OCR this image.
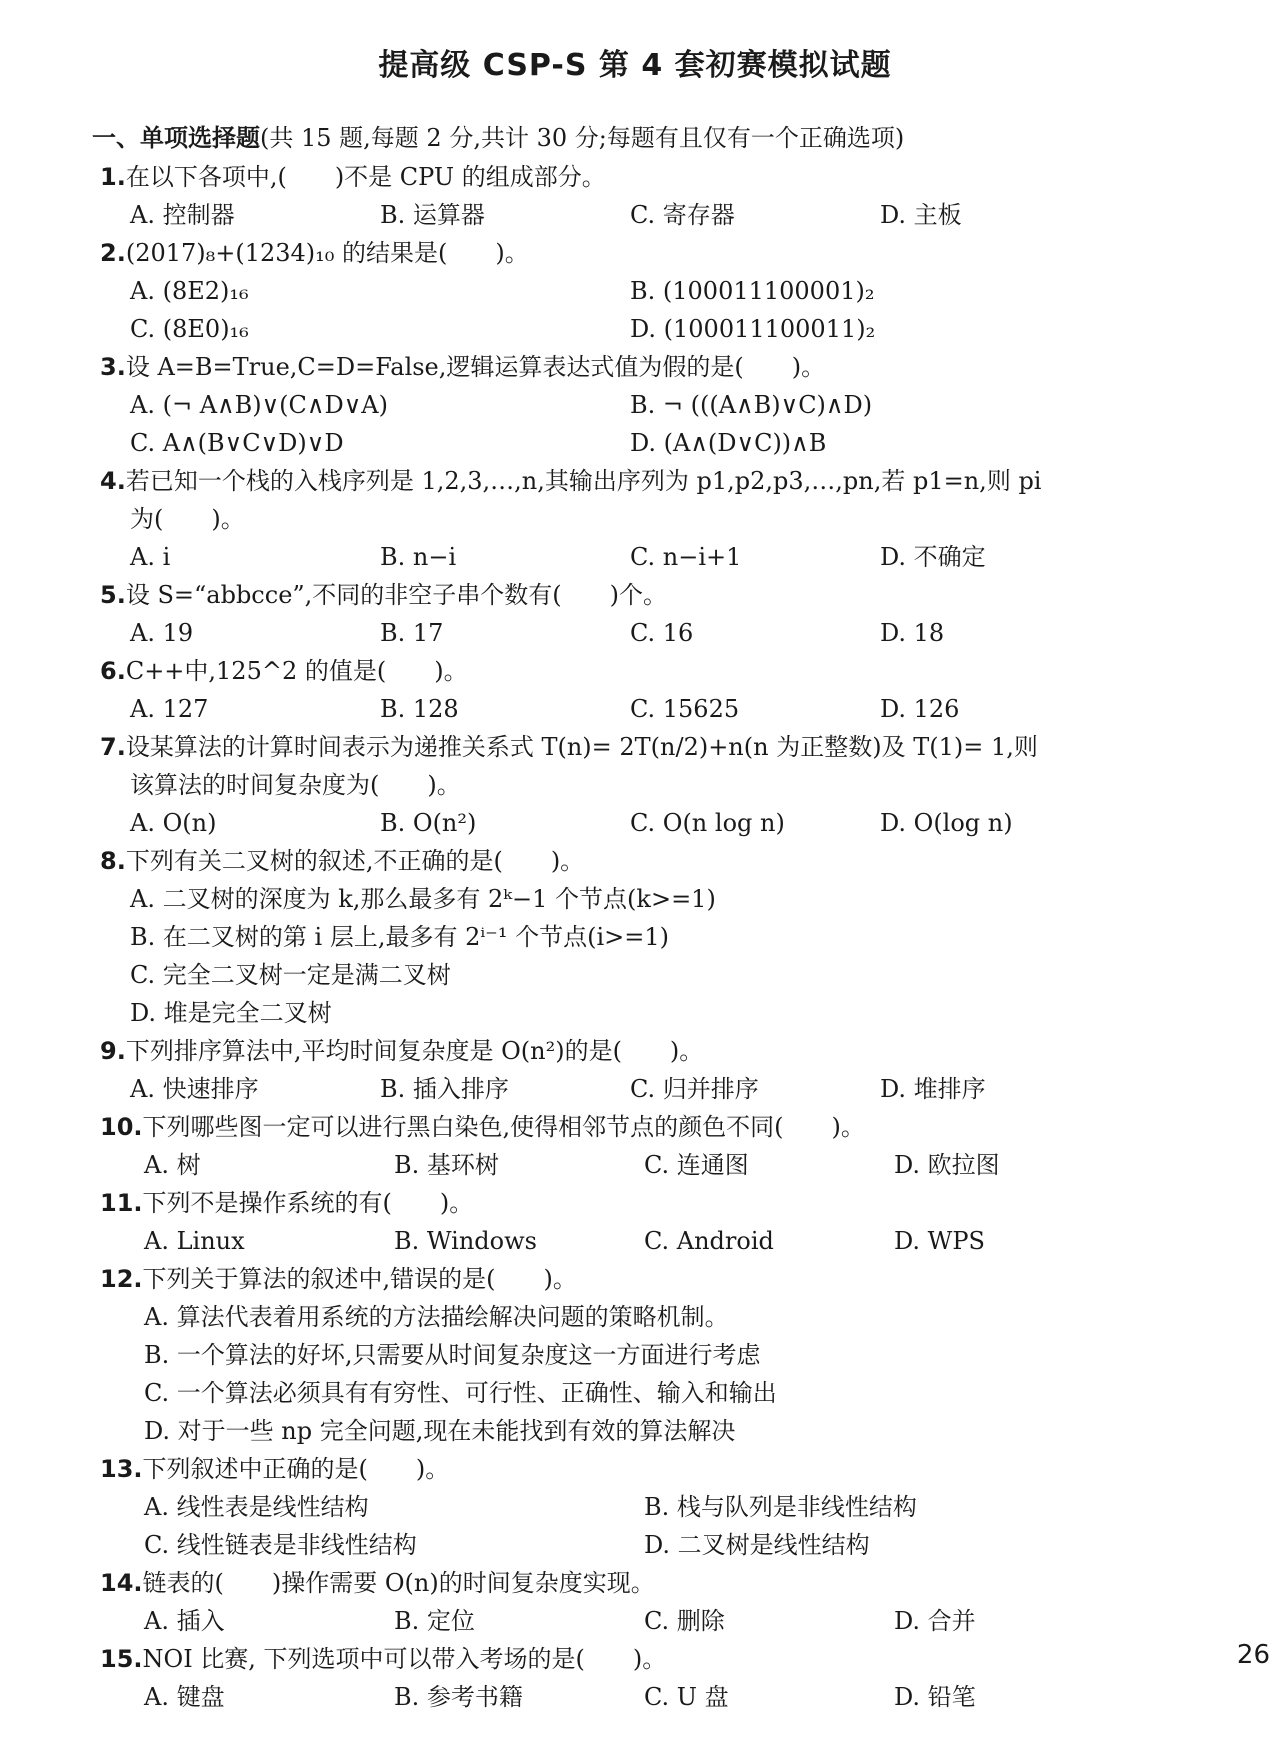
提高级 CSP-S 第 4 套初赛模拟试题
一、单项选择题(共 15 题,每题 2 分,共计 30 分;每题有且仅有一个正确选项)
1.在以下各项中,(　　)不是 CPU 的组成部分。
A. 控制器	B. 运算器	C. 寄存器	D. 主板
2.(2017)₈+(1234)₁₀ 的结果是(　　)。
A. (8E2)₁₆	B. (100011100001)₂
C. (8E0)₁₆	D. (100011100011)₂
3.设 A=B=True,C=D=False,逻辑运算表达式值为假的是(　　)。
A. (¬ A∧B)∨(C∧D∨A)	B. ¬ (((A∧B)∨C)∧D)
C. A∧(B∨C∨D)∨D	D. (A∧(D∨C))∧B
4.若已知一个栈的入栈序列是 1,2,3,…,n,其输出序列为 p1,p2,p3,…,pn,若 p1=n,则 pi
为(　　)。
A. i	B. n−i	C. n−i+1	D. 不确定
5.设 S=“abbcce”,不同的非空子串个数有(　　)个。
A. 19	B. 17	C. 16	D. 18
6.C++中,125^2 的值是(　　)。
A. 127	B. 128	C. 15625	D. 126
7.设某算法的计算时间表示为递推关系式 T(n)= 2T(n/2)+n(n 为正整数)及 T(1)= 1,则
该算法的时间复杂度为(　　)。
A. O(n)	B. O(n²)	C. O(n log n)	D. O(log n)
8.下列有关二叉树的叙述,不正确的是(　　)。
A. 二叉树的深度为 k,那么最多有 2ᵏ−1 个节点(k>=1)
B. 在二叉树的第 i 层上,最多有 2ⁱ⁻¹ 个节点(i>=1)
C. 完全二叉树一定是满二叉树
D. 堆是完全二叉树
9.下列排序算法中,平均时间复杂度是 O(n²)的是(　　)。
A. 快速排序	B. 插入排序	C. 归并排序	D. 堆排序
10.下列哪些图一定可以进行黑白染色,使得相邻节点的颜色不同(　　)。
A. 树	B. 基环树	C. 连通图	D. 欧拉图
11.下列不是操作系统的有(　　)。
A. Linux	B. Windows	C. Android	D. WPS
12.下列关于算法的叙述中,错误的是(　　)。
A. 算法代表着用系统的方法描绘解决问题的策略机制。
B. 一个算法的好坏,只需要从时间复杂度这一方面进行考虑
C. 一个算法必须具有有穷性、可行性、正确性、输入和输出
D. 对于一些 np 完全问题,现在未能找到有效的算法解决
13.下列叙述中正确的是(　　)。
A. 线性表是线性结构	B. 栈与队列是非线性结构
C. 线性链表是非线性结构	D. 二叉树是线性结构
14.链表的(　　)操作需要 O(n)的时间复杂度实现。
A. 插入	B. 定位	C. 删除	D. 合并
15.NOI 比赛, 下列选项中可以带入考场的是(　　)。
A. 键盘	B. 参考书籍	C. U 盘	D. 铅笔
26
